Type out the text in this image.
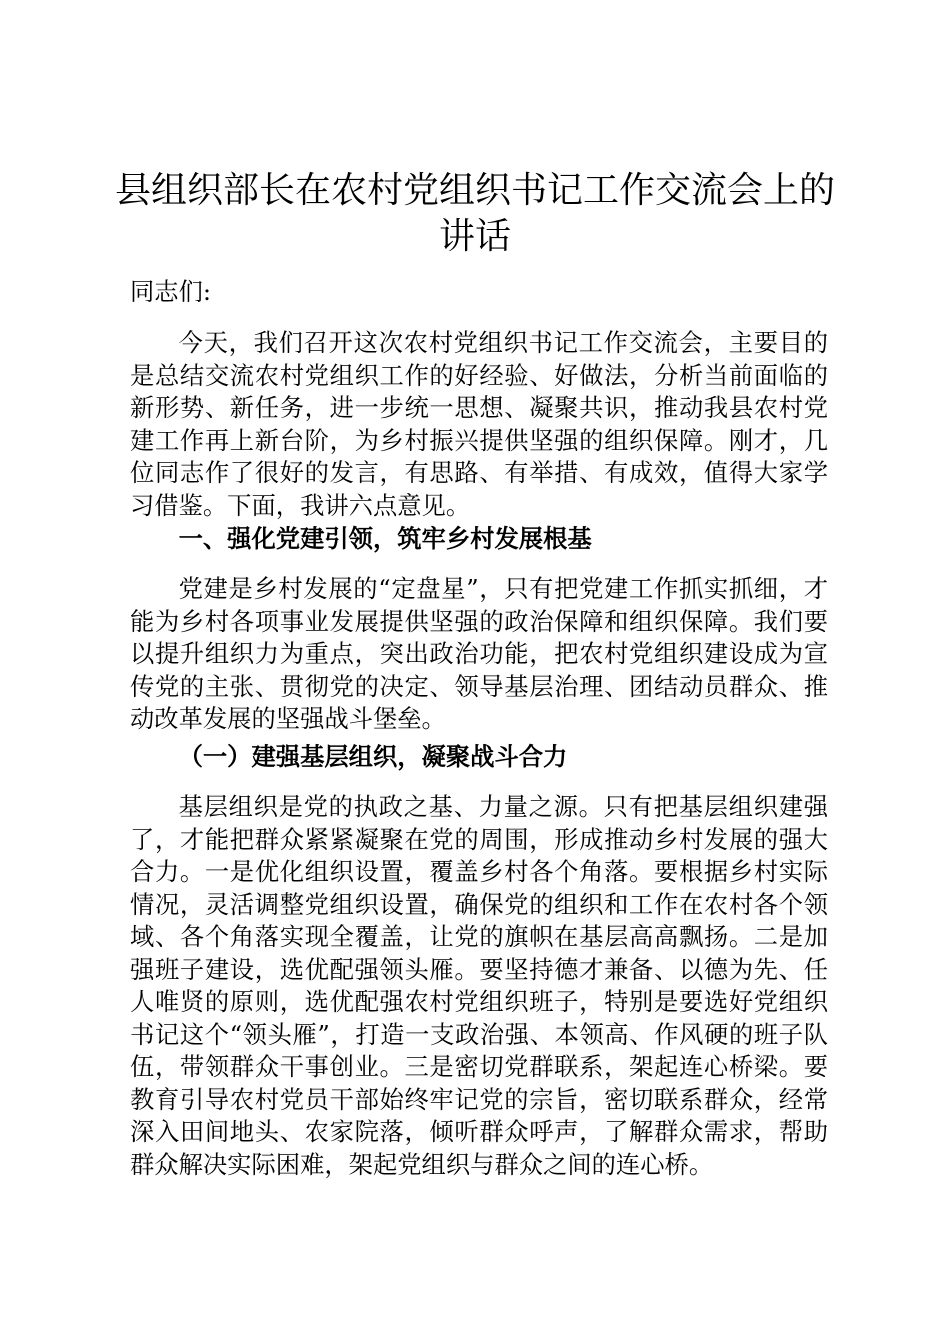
县组织部长在农村党组织书记工作交流会上的讲话

同志们:

今天，我们召开这次农村党组织书记工作交流会，主要目的是总结交流农村党组织工作的好经验、好做法，分析当前面临的新形势、新任务，进一步统一思想、凝聚共识，推动我县农村党建工作再上新台阶，为乡村振兴提供坚强的组织保障。刚才，几位同志作了很好的发言，有思路、有举措、有成效，值得大家学习借鉴。下面，我讲六点意见。

一、强化党建引领，筑牢乡村发展根基

党建是乡村发展的“定盘星”，只有把党建工作抓实抓细，才能为乡村各项事业发展提供坚强的政治保障和组织保障。我们要以提升组织力为重点，突出政治功能，把农村党组织建设成为宣传党的主张、贯彻党的决定、领导基层治理、团结动员群众、推动改革发展的坚强战斗堡垒。

（一）建强基层组织，凝聚战斗合力

基层组织是党的执政之基、力量之源。只有把基层组织建强了，才能把群众紧紧凝聚在党的周围，形成推动乡村发展的强大合力。一是优化组织设置，覆盖乡村各个角落。要根据乡村实际情况，灵活调整党组织设置，确保党的组织和工作在农村各个领域、各个角落实现全覆盖，让党的旗帜在基层高高飘扬。二是加强班子建设，选优配强领头雁。要坚持德才兼备、以德为先、任人唯贤的原则，选优配强农村党组织班子，特别是要选好党组织书记这个“领头雁”，打造一支政治强、本领高、作风硬的班子队伍，带领群众干事创业。三是密切党群联系，架起连心桥梁。要教育引导农村党员干部始终牢记党的宗旨，密切联系群众，经常深入田间地头、农家院落，倾听群众呼声，了解群众需求，帮助群众解决实际困难，架起党组织与群众之间的连心桥。
